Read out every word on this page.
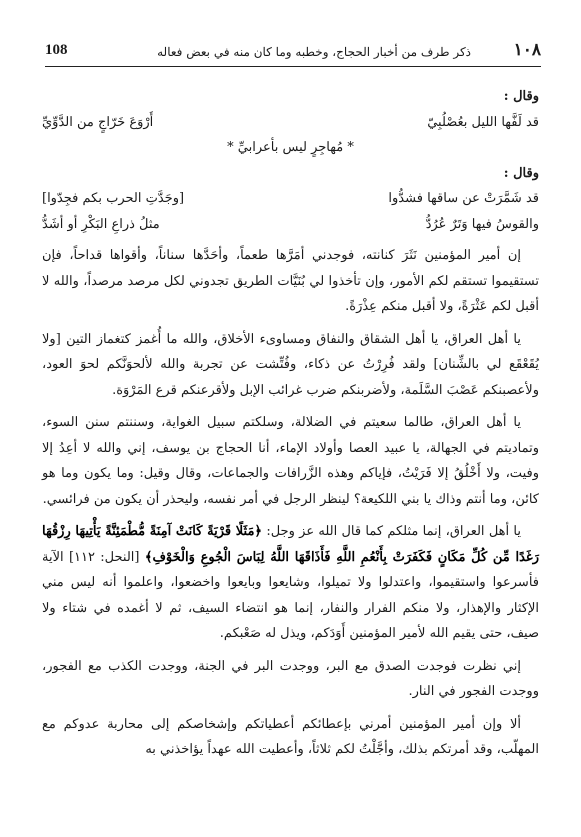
١٠٨
ذكر طرف من أخبار الحجاج، وخطبه وما كان منه في بعض فعاله
108

وقال :

قد لَفَّها الليل بعُصْلُبِيّ
أَرْوَعَ خَرّاجٍ من الدَّوِّيِّ
* مُهاجِرٍ ليس بأعرابيِّ *

وقال :

قد شَمَّرَتْ عن ساقها فشدُّوا
[وجَدَّتِ الحرب بكم فجِدّوا]
والقوسُ فيها وَتَرٌ عُرُدُّ
مثلُ ذراعِ البَكْرِ أو أشَدُّ

إن أمير المؤمنين نَثَرَ كنانته، فوجدني أمَرَّها طعماً، وأحَدَّها سناناً، وأقواها قداحاً، فإن تستقيموا تستقم لكم الأمور، وإن تأخذوا لي بُنَيَّات الطريق تجدوني لكل مرصد مرصداً، والله لا أقبل لكم عَثْرَةً، ولا أقبل منكم عِذْرَةً.

يا أهل العراق، يا أهل الشقاق والنفاق ومساوىء الأخلاق، والله ما أُغمز كتغماز التين [ولا يُقَعْقَع لي بالشِّنان] ولقد فُرِرْتُ عن ذكاء، وفُتِّشت عن تجربة والله لألحوَنَّكم لحوَ العود، ولأعصبنكم عَصْبَ السَّلَمة، ولأضربنكم ضرب غرائب الإبل ولأقرعنكم قرع المَرْوَة.

يا أهل العراق، طالما سعيتم في الضلالة، وسلكتم سبيل الغواية، وسننتم سنن السوء، وتماديتم في الجهالة، يا عبيد العصا وأولاد الإماء، أنا الحجاج بن يوسف، إني والله لا أعِدُ إلا وفيت، ولا أَخْلُقُ إلا فَرَيْتُ، فإياكم وهذه الزَّرافات والجماعات، وقال وقيل: وما يكون وما هو كائن، وما أنتم وذاك يا بني اللكيعة؟ لينظر الرجل في أمر نفسه، وليحذر أن يكون من فرائسي.

يا أهل العراق، إنما مثلكم كما قال الله عز وجل: ﴿مَثَلًا قَرْيَةً كَانَتْ آمِنَةً مُّطْمَئِنَّةً يَأْتِيهَا رِزْقُهَا رَغَدًا مِّن كُلِّ مَكَانٍ فَكَفَرَتْ بِأَنْعُمِ اللَّهِ فَأَذَاقَهَا اللَّهُ لِبَاسَ الْجُوعِ وَالْخَوْفِ﴾ [النحل: ١١٢] الآية فأسرعوا واستقيموا، واعتدلوا ولا تميلوا، وشايعوا وبايعوا واخضعوا، واعلموا أنه ليس مني الإكثار والإهذار، ولا منكم الفرار والنفار، إنما هو انتضاء السيف، ثم لا أغمده في شتاء ولا صيف، حتى يقيم الله لأمير المؤمنين أَوَدَكم، ويذل له صَعْبكم.

إني نظرت فوجدت الصدق مع البر، ووجدت البر في الجنة، ووجدت الكذب مع الفجور، ووجدت الفجور في النار.

ألا وإن أمير المؤمنين أمرني بإعطائكم أعطياتكم وإشخاصكم إلى محاربة عدوكم مع المهلّب، وقد أمرتكم بذلك، وأجَّلْتُ لكم ثلاثاً، وأعطيت الله عهداً يؤاخذني به
